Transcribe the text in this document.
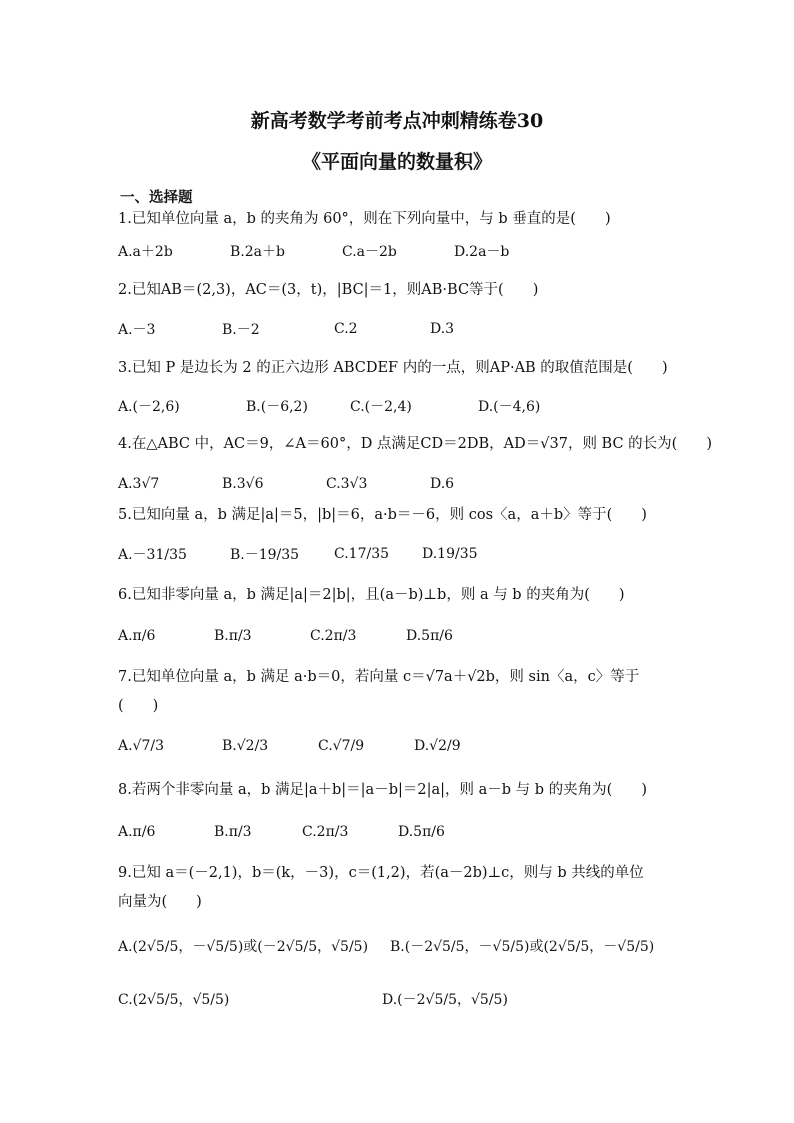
新高考数学考前考点冲刺精练卷30
《平面向量的数量积》
一、选择题
1.已知单位向量 a，b 的夹角为 60°，则在下列向量中，与 b 垂直的是(　　)
A.a＋2b	B.2a＋b	C.a－2b	D.2a－b
2.已知AB＝(2,3)，AC＝(3，t)，|BC|＝1，则AB·BC等于(　　)
A.－3	B.－2	C.2	D.3
3.已知 P 是边长为 2 的正六边形 ABCDEF 内的一点，则AP·AB 的取值范围是(　　)
A.(－2,6)	B.(－6,2)	C.(－2,4)	D.(－4,6)
4.在△ABC 中，AC＝9，∠A＝60°，D 点满足CD＝2DB，AD＝√37，则 BC 的长为(　　)
A.3√7	B.3√6	C.3√3	D.6
5.已知向量 a，b 满足|a|＝5，|b|＝6，a·b＝－6，则 cos〈a，a＋b〉等于(　　)
A.－31/35	B.－19/35 C.17/35 D.19/35
6.已知非零向量 a，b 满足|a|＝2|b|，且(a－b)⊥b，则 a 与 b 的夹角为(　　)
A.π/6	B.π/3	C.2π/3	D.5π/6
7.已知单位向量 a，b 满足 a·b＝0，若向量 c＝√7a＋√2b，则 sin〈a，c〉等于
(　　)
A.√7/3	B.√2/3	C.√7/9	D.√2/9
8.若两个非零向量 a，b 满足|a＋b|＝|a－b|＝2|a|，则 a－b 与 b 的夹角为(　　)
A.π/6	B.π/3	C.2π/3	D.5π/6
9.已知 a＝(－2,1)，b＝(k，－3)，c＝(1,2)，若(a－2b)⊥c，则与 b 共线的单位
向量为(　　)
A.(2√5/5，－√5/5)或(－2√5/5，√5/5) B.(－2√5/5，－√5/5)或(2√5/5，－√5/5)
C.(2√5/5，√5/5)	D.(－2√5/5，√5/5)
